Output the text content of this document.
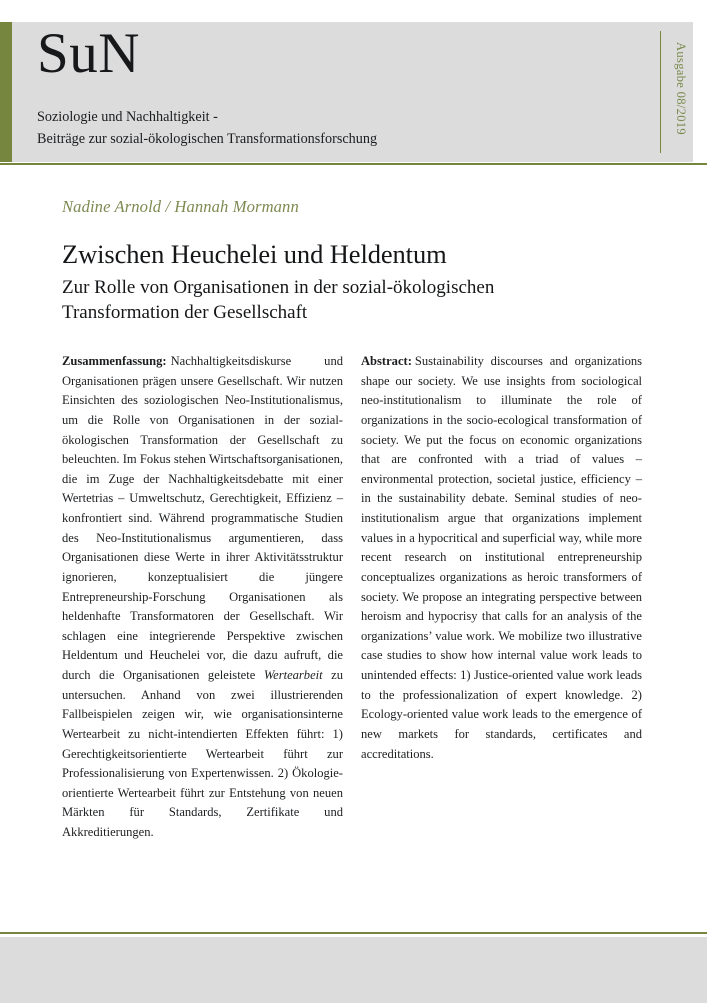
SuN
Soziologie und Nachhaltigkeit -
Beiträge zur sozial-ökologischen Transformationsforschung
Ausgabe 08/2019
Nadine Arnold / Hannah Mormann
Zwischen Heuchelei und Heldentum
Zur Rolle von Organisationen in der sozial-ökologischen Transformation der Gesellschaft
Zusammenfassung: Nachhaltigkeitsdiskurse und Organisationen prägen unsere Gesellschaft. Wir nutzen Einsichten des soziologischen Neo-Institutionalismus, um die Rolle von Organisationen in der sozial-ökologischen Transformation der Gesellschaft zu beleuchten. Im Fokus stehen Wirtschaftsorganisationen, die im Zuge der Nachhaltigkeitsdebatte mit einer Wertetrias – Umweltschutz, Gerechtigkeit, Effizienz – konfrontiert sind. Während programmatische Studien des Neo-Institutionalismus argumentieren, dass Organisationen diese Werte in ihrer Aktivitätsstruktur ignorieren, konzeptualisiert die jüngere Entrepreneurship-Forschung Organisationen als heldenhafte Transformatoren der Gesellschaft. Wir schlagen eine integrierende Perspektive zwischen Heldentum und Heuchelei vor, die dazu aufruft, die durch die Organisationen geleistete Wertearbeit zu untersuchen. Anhand von zwei illustrierenden Fallbeispielen zeigen wir, wie organisationsinterne Wertearbeit zu nicht-intendierten Effekten führt: 1) Gerechtigkeitsorientierte Wertearbeit führt zur Professionalisierung von Expertenwissen. 2) Ökologie-orientierte Wertearbeit führt zur Entstehung von neuen Märkten für Standards, Zertifikate und Akkreditierungen.
Abstract: Sustainability discourses and organizations shape our society. We use insights from sociological neo-institutionalism to illuminate the role of organizations in the socio-ecological transformation of society. We put the focus on economic organizations that are confronted with a triad of values – environmental protection, societal justice, efficiency – in the sustainability debate. Seminal studies of neo-institutionalism argue that organizations implement values in a hypocritical and superficial way, while more recent research on institutional entrepreneurship conceptualizes organizations as heroic transformers of society. We propose an integrating perspective between heroism and hypocrisy that calls for an analysis of the organizations’ value work. We mobilize two illustrative case studies to show how internal value work leads to unintended effects: 1) Justice-oriented value work leads to the professionalization of expert knowledge. 2) Ecology-oriented value work leads to the emergence of new markets for standards, certificates and accreditations.
